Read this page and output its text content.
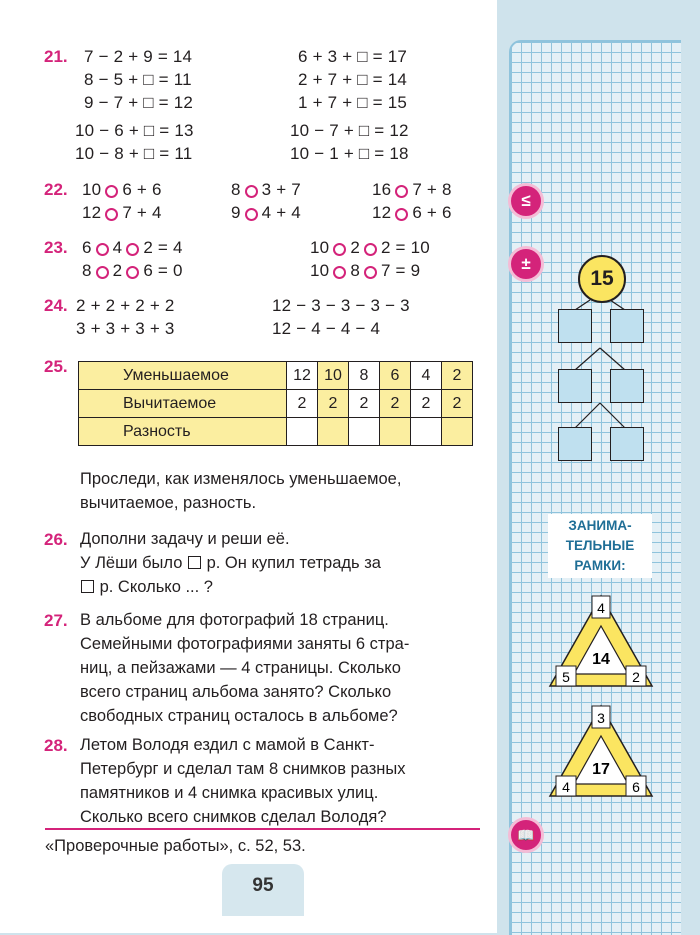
21. 7 − 2 + 9 = 14
8 − 5 + □ = 11
9 − 7 + □ = 12
10 − 6 + □ = 13
10 − 8 + □ = 11
6 + 3 + □ = 17
2 + 7 + □ = 14
1 + 7 + □ = 15
10 − 7 + □ = 12
10 − 1 + □ = 18
22. 10 6 + 6
12 7 + 4
8 3 + 7
9 4 + 4
16 7 + 8
12 6 + 6
23. 6 4 2 = 4
8 2 6 = 0
10 2 2 = 10
10 8 7 = 9
24. 2 + 2 + 2 + 2
3 + 3 + 3 + 3
12 − 3 − 3 − 3 − 3
12 − 4 − 4 − 4
25.	Уменьшаемое	12	10	8	6	4	2
Вычитаемое	2	2	2	2	2	2
Разность						
Проследи, как изменялось уменьшаемое,
вычитаемое, разность.
26. Дополни задачу и реши её.
У Лёши было  р. Он купил тетрадь за
р. Сколько ... ?
27. В альбоме для фотографий 18 страниц.
Семейными фотографиями заняты 6 стра-
ниц, а пейзажами — 4 страницы. Сколько
всего страниц альбома занято? Сколько
свободных страниц осталось в альбоме?
28. Летом Володя ездил с мамой в Санкт-
Петербург и сделал там 8 снимков разных
памятников и 4 снимка красивых улиц.
Сколько всего снимков сделал Володя?
«Проверочные работы», с. 52, 53.
95
≤
±
📖
15
ЗАНИМА-
ТЕЛЬНЫЕ
РАМКИ:
4
14
5	2
3
17
4	6
